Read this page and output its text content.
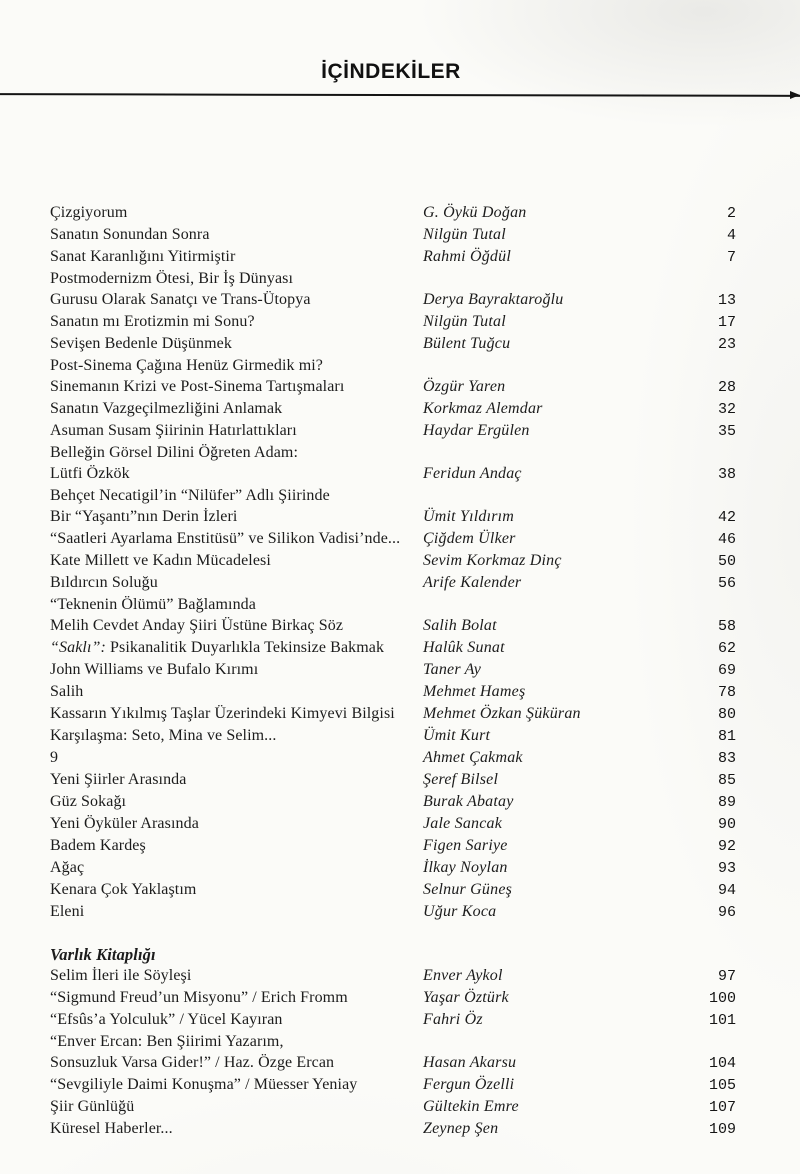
İÇİNDEKİLER
Çizgiyorum	G. Öykü Doğan	2
Sanatın Sonundan Sonra	Nilgün Tutal	4
Sanat Karanlığını Yitirmiştir	Rahmi Öğdül	7
Postmodernizm Ötesi, Bir İş Dünyası
Gurusu Olarak Sanatçı ve Trans-Ütopya	Derya Bayraktaroğlu	13
Sanatın mı Erotizmin mi Sonu?	Nilgün Tutal	17
Sevişen Bedenle Düşünmek	Bülent Tuğcu	23
Post-Sinema Çağına Henüz Girmedik mi?
Sinemanın Krizi ve Post-Sinema Tartışmaları	Özgür Yaren	28
Sanatın Vazgeçilmezliğini Anlamak	Korkmaz Alemdar	32
Asuman Susam Şiirinin Hatırlattıkları	Haydar Ergülen	35
Belleğin Görsel Dilini Öğreten Adam:
Lütfi Özkök	Feridun Andaç	38
Behçet Necatigil’in “Nilüfer” Adlı Şiirinde
Bir “Yaşantı”nın Derin İzleri	Ümit Yıldırım	42
“Saatleri Ayarlama Enstitüsü” ve Silikon Vadisi’nde...	Çiğdem Ülker	46
Kate Millett ve Kadın Mücadelesi	Sevim Korkmaz Dinç	50
Bıldırcın Soluğu	Arife Kalender	56
“Teknenin Ölümü” Bağlamında
Melih Cevdet Anday Şiiri Üstüne Birkaç Söz	Salih Bolat	58
“Saklı”: Psikanalitik Duyarlıkla Tekinsize Bakmak	Halûk Sunat	62
John Williams ve Bufalo Kırımı	Taner Ay	69
Salih	Mehmet Hameş	78
Kassarın Yıkılmış Taşlar Üzerindeki Kimyevi Bilgisi	Mehmet Özkan Şüküran	80
Karşılaşma: Seto, Mina ve Selim...	Ümit Kurt	81
9	Ahmet Çakmak	83
Yeni Şiirler Arasında	Şeref Bilsel	85
Güz Sokağı	Burak Abatay	89
Yeni Öyküler Arasında	Jale Sancak	90
Badem Kardeş	Figen Sariye	92
Ağaç	İlkay Noylan	93
Kenara Çok Yaklaştım	Selnur Güneş	94
Eleni	Uğur Koca	96
Varlık Kitaplığı
Selim İleri ile Söyleşi	Enver Aykol	97
“Sigmund Freud’un Misyonu” / Erich Fromm	Yaşar Öztürk	100
“Efsûs’a Yolculuk” / Yücel Kayıran	Fahri Öz	101
“Enver Ercan: Ben Şiirimi Yazarım,
Sonsuzluk Varsa Gider!” / Haz. Özge Ercan	Hasan Akarsu	104
“Sevgiliyle Daimi Konuşma” / Müesser Yeniay	Fergun Özelli	105
Şiir Günlüğü	Gültekin Emre	107
Küresel Haberler...	Zeynep Şen	109
